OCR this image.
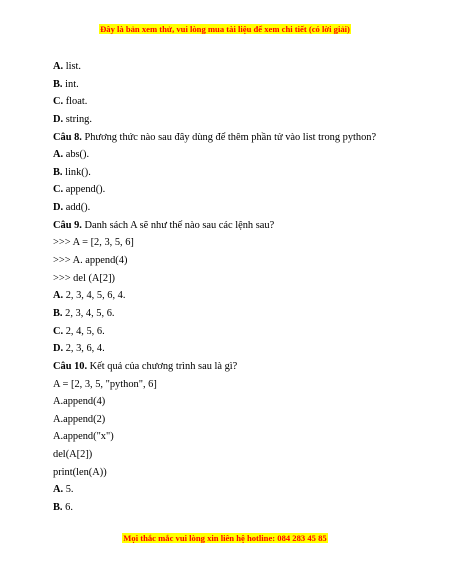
Đây là bản xem thử, vui lòng mua tài liệu để xem chi tiết (có lời giải)
A. list.
B. int.
C. float.
D. string.
Câu 8. Phương thức nào sau đây dùng để thêm phần tử vào list trong python?
A. abs().
B. link().
C. append().
D. add().
Câu 9. Danh sách A sẽ như thế nào sau các lệnh sau?
>>> A = [2, 3, 5, 6]
>>> A. append(4)
>>> del (A[2])
A. 2, 3, 4, 5, 6, 4.
B. 2, 3, 4, 5, 6.
C. 2, 4, 5, 6.
D. 2, 3, 6, 4.
Câu 10. Kết quả của chương trình sau là gì?
A = [2, 3, 5, "python", 6]
A.append(4)
A.append(2)
A.append("x")
del(A[2])
print(len(A))
A. 5.
B. 6.
Mọi thắc mắc vui lòng xin liên hệ hotline: 084 283 45 85
